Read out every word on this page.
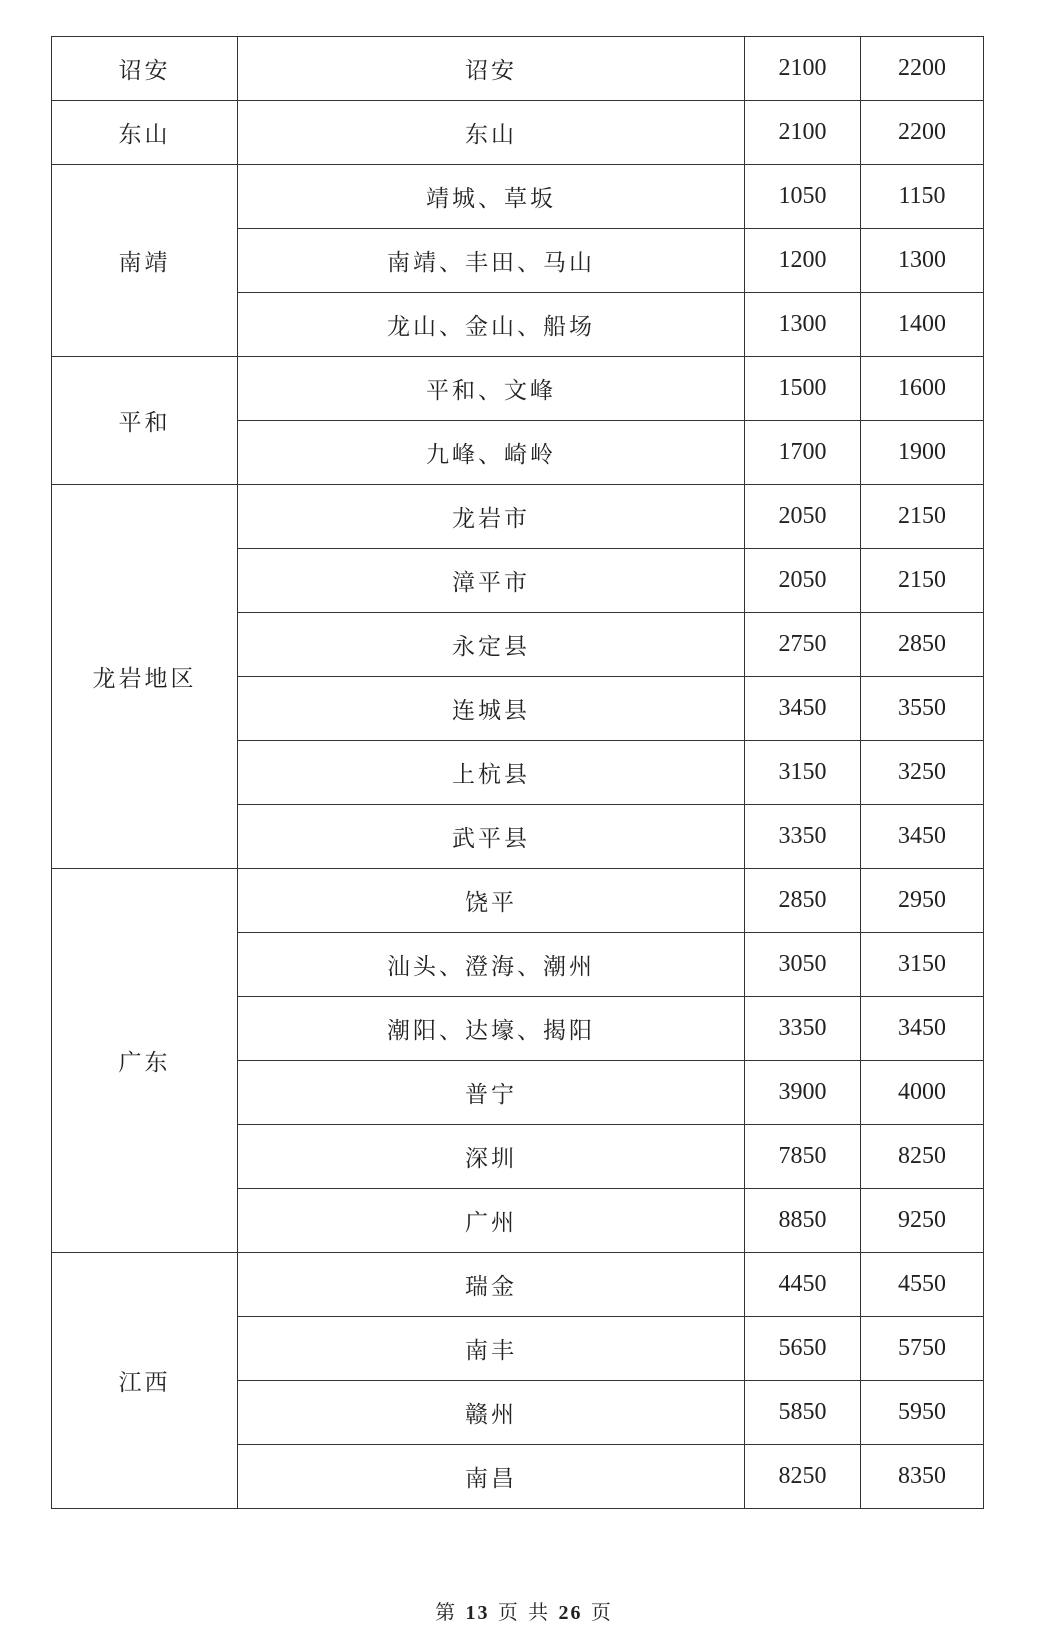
诏安	诏安	2100	2200
东山	东山	2100	2200
南靖	靖城、草坂	1050	1150
	南靖、丰田、马山	1200	1300
	龙山、金山、船场	1300	1400
平和	平和、文峰	1500	1600
	九峰、崎岭	1700	1900
龙岩地区	龙岩市	2050	2150
	漳平市	2050	2150
	永定县	2750	2850
	连城县	3450	3550
	上杭县	3150	3250
	武平县	3350	3450
广东	饶平	2850	2950
	汕头、澄海、潮州	3050	3150
	潮阳、达壕、揭阳	3350	3450
	普宁	3900	4000
	深圳	7850	8250
	广州	8850	9250
江西	瑞金	4450	4550
	南丰	5650	5750
	赣州	5850	5950
	南昌	8250	8350
第 13 页 共 26 页
